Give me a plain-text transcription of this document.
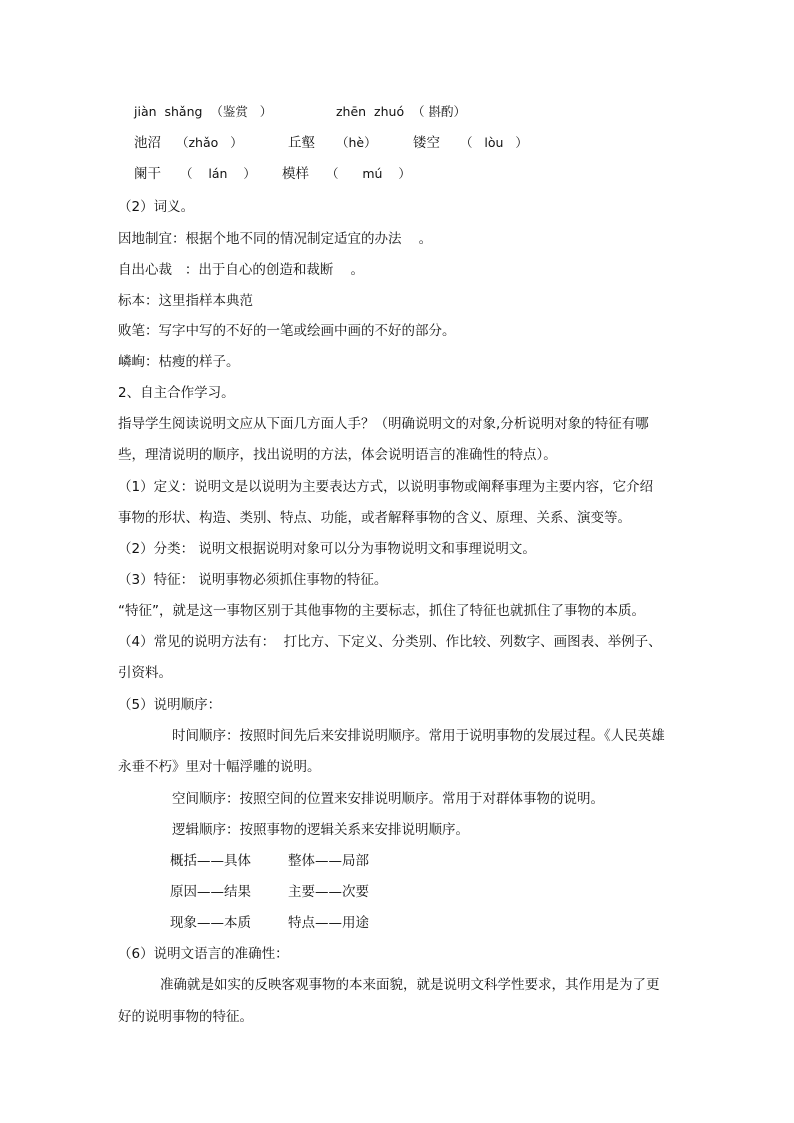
jiàn  shǎng  （鉴赏   ）	zhēn  zhuó  （ 斟酌）
池沼 （zhǎo   ）	丘壑 （hè）	镂空 （   lòu   ）
阑干 （    lán    ） 模样 （      mú    ）
（2）词义。
因地制宜：根据个地不同的情况制定适宜的办法    。
自出心裁   ：出于自心的创造和裁断    。
标本：这里指样本典范
败笔：写字中写的不好的一笔或绘画中画的不好的部分。
嶙峋：枯瘦的样子。
2、自主合作学习。
指导学生阅读说明文应从下面几方面人手？（明确说明文的对象,分析说明对象的特征有哪
些，理清说明的顺序，找出说明的方法，体会说明语言的准确性的特点）。
（1）定义：说明文是以说明为主要表达方式，以说明事物或阐释事理为主要内容，它介绍
事物的形状、构造、类别、特点、功能，或者解释事物的含义、原理、关系、演变等。
（2）分类： 说明文根据说明对象可以分为事物说明文和事理说明文。
（3）特征： 说明事物必须抓住事物的特征。
“特征”，就是这一事物区别于其他事物的主要标志，抓住了特征也就抓住了事物的本质。
（4）常见的说明方法有：  打比方、下定义、分类别、作比较、列数字、画图表、举例子、
引资料。
（5）说明顺序：
时间顺序：按照时间先后来安排说明顺序。常用于说明事物的发展过程。《人民英雄
永垂不朽》里对十幅浮雕的说明。
空间顺序：按照空间的位置来安排说明顺序。常用于对群体事物的说明。
逻辑顺序：按照事物的逻辑关系来安排说明顺序。
概括——具体	整体——局部
原因——结果	主要——次要
现象——本质	特点——用途
（6）说明文语言的准确性：
准确就是如实的反映客观事物的本来面貌，就是说明文科学性要求，其作用是为了更
好的说明事物的特征。
